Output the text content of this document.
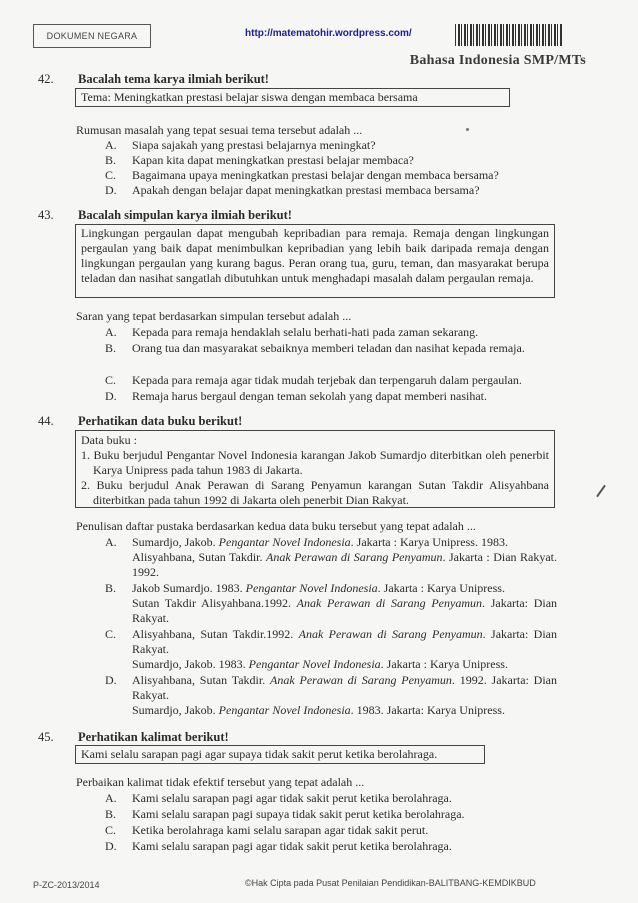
DOKUMEN NEGARA	http://matematohir.wordpress.com/
Bahasa Indonesia SMP/MTs
42. Bacalah tema karya ilmiah berikut!
Tema: Meningkatkan prestasi belajar siswa dengan membaca bersama
Rumusan masalah yang tepat sesuai tema tersebut adalah ...
A. Siapa sajakah yang prestasi belajarnya meningkat?
B. Kapan kita dapat meningkatkan prestasi belajar membaca?
C. Bagaimana upaya meningkatkan prestasi belajar dengan membaca bersama?
D. Apakah dengan belajar dapat meningkatkan prestasi membaca bersama?
43. Bacalah simpulan karya ilmiah berikut!
Lingkungan pergaulan dapat mengubah kepribadian para remaja. Remaja dengan lingkungan pergaulan yang baik dapat menimbulkan kepribadian yang lebih baik daripada remaja dengan lingkungan pergaulan yang kurang bagus. Peran orang tua, guru, teman, dan masyarakat berupa teladan dan nasihat sangatlah dibutuhkan untuk menghadapi masalah dalam pergaulan remaja.
Saran yang tepat berdasarkan simpulan tersebut adalah ...
A. Kepada para remaja hendaklah selalu berhati-hati pada zaman sekarang.
B. Orang tua dan masyarakat sebaiknya memberi teladan dan nasihat kepada remaja.
C. Kepada para remaja agar tidak mudah terjebak dan terpengaruh dalam pergaulan.
D. Remaja harus bergaul dengan teman sekolah yang dapat memberi nasihat.
44. Perhatikan data buku berikut!
Data buku :
1. Buku berjudul Pengantar Novel Indonesia karangan Jakob Sumardjo diterbitkan oleh penerbit Karya Unipress pada tahun 1983 di Jakarta.
2. Buku berjudul Anak Perawan di Sarang Penyamun karangan Sutan Takdir Alisyahbana diterbitkan pada tahun 1992 di Jakarta oleh penerbit Dian Rakyat.
Penulisan daftar pustaka berdasarkan kedua data buku tersebut yang tepat adalah ...
A. Sumardjo, Jakob. Pengantar Novel Indonesia. Jakarta : Karya Unipress. 1983.
Alisyahbana, Sutan Takdir. Anak Perawan di Sarang Penyamun. Jakarta : Dian Rakyat. 1992.
B. Jakob Sumardjo. 1983. Pengantar Novel Indonesia. Jakarta : Karya Unipress.
Sutan Takdir Alisyahbana.1992. Anak Perawan di Sarang Penyamun. Jakarta: Dian Rakyat.
C. Alisyahbana, Sutan Takdir.1992. Anak Perawan di Sarang Penyamun. Jakarta: Dian Rakyat.
Sumardjo, Jakob. 1983. Pengantar Novel Indonesia. Jakarta : Karya Unipress.
D. Alisyahbana, Sutan Takdir. Anak Perawan di Sarang Penyamun. 1992. Jakarta: Dian Rakyat.
Sumardjo, Jakob. Pengantar Novel Indonesia. 1983. Jakarta: Karya Unipress.
45. Perhatikan kalimat berikut!
Kami selalu sarapan pagi agar supaya tidak sakit perut ketika berolahraga.
Perbaikan kalimat tidak efektif tersebut yang tepat adalah ...
A. Kami selalu sarapan pagi agar tidak sakit perut ketika berolahraga.
B. Kami selalu sarapan pagi supaya tidak sakit perut ketika berolahraga.
C. Ketika berolahraga kami selalu sarapan agar tidak sakit perut.
D. Kami selalu sarapan pagi agar tidak sakit perut ketika berolahraga.
P-ZC-2013/2014	©Hak Cipta pada Pusat Penilaian Pendidikan-BALITBANG-KEMDIKBUD
